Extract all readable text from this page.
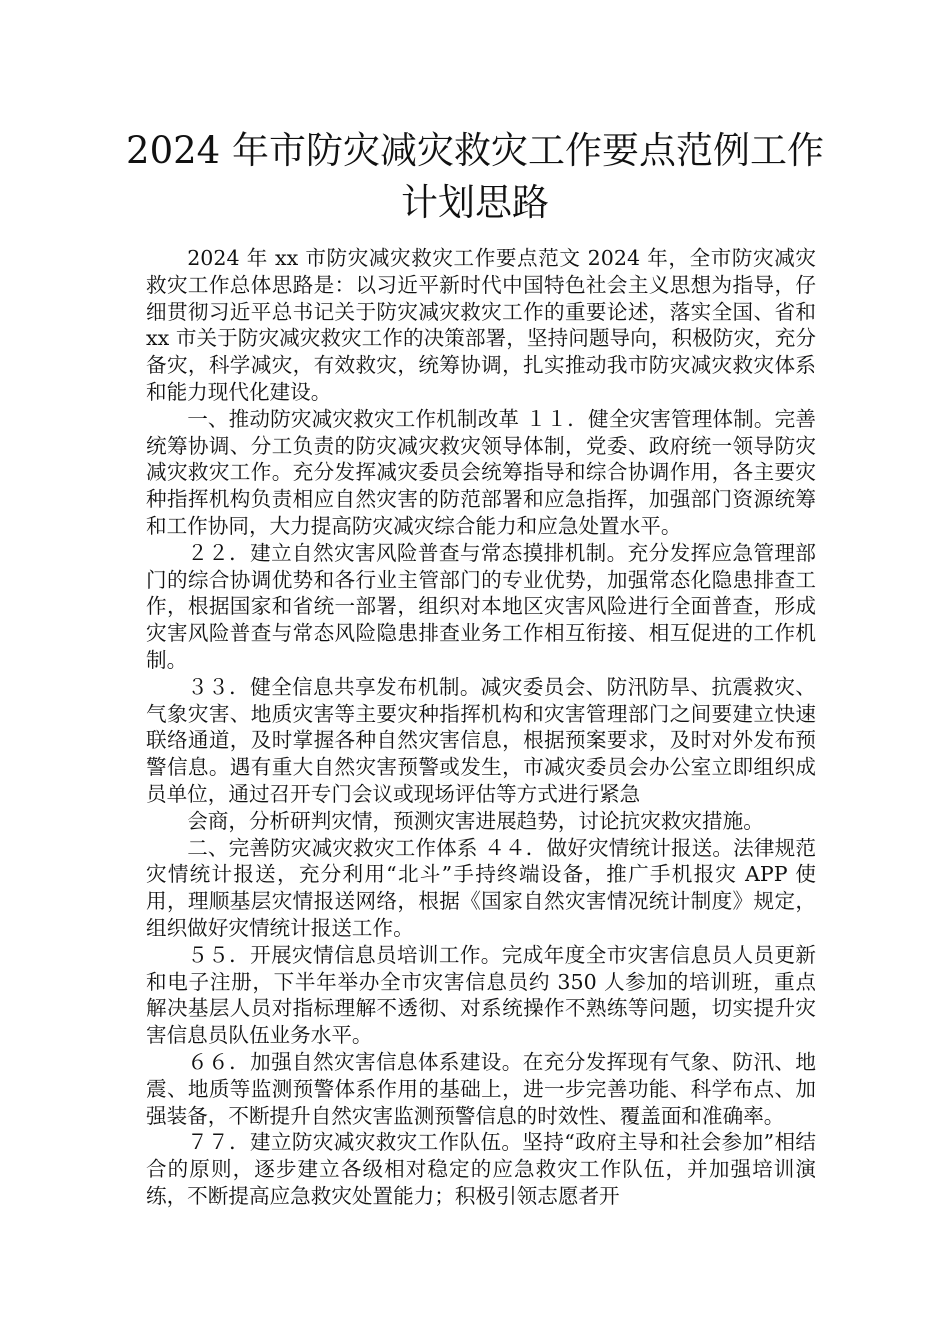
2024 年市防灾减灾救灾工作要点范例工作
计划思路

2024 年 xx 市防灾减灾救灾工作要点范文 2024 年，全市防灾减灾救灾工作总体思路是：以习近平新时代中国特色社会主义思想为指导，仔细贯彻习近平总书记关于防灾减灾救灾工作的重要论述，落实全国、省和 xx 市关于防灾减灾救灾工作的决策部署，坚持问题导向，积极防灾，充分备灾，科学减灾，有效救灾，统筹协调，扎实推动我市防灾减灾救灾体系和能力现代化建设。

一、推动防灾减灾救灾工作机制改革 １１．健全灾害管理体制。完善统筹协调、分工负责的防灾减灾救灾领导体制，党委、政府统一领导防灾减灾救灾工作。充分发挥减灾委员会统筹指导和综合协调作用，各主要灾种指挥机构负责相应自然灾害的防范部署和应急指挥，加强部门资源统筹和工作协同，大力提高防灾减灾综合能力和应急处置水平。

２２．建立自然灾害风险普查与常态摸排机制。充分发挥应急管理部门的综合协调优势和各行业主管部门的专业优势，加强常态化隐患排查工作，根据国家和省统一部署，组织对本地区灾害风险进行全面普查，形成灾害风险普查与常态风险隐患排查业务工作相互衔接、相互促进的工作机制。

３３．健全信息共享发布机制。减灾委员会、防汛防旱、抗震救灾、气象灾害、地质灾害等主要灾种指挥机构和灾害管理部门之间要建立快速联络通道，及时掌握各种自然灾害信息，根据预案要求，及时对外发布预警信息。遇有重大自然灾害预警或发生，市减灾委员会办公室立即组织成员单位，通过召开专门会议或现场评估等方式进行紧急

会商，分析研判灾情，预测灾害进展趋势，讨论抗灾救灾措施。

二、完善防灾减灾救灾工作体系 ４４．做好灾情统计报送。法律规范灾情统计报送，充分利用“北斗”手持终端设备，推广手机报灾 APP 使用，理顺基层灾情报送网络，根据《国家自然灾害情况统计制度》规定，组织做好灾情统计报送工作。

５５．开展灾情信息员培训工作。完成年度全市灾害信息员人员更新和电子注册，下半年举办全市灾害信息员约 350 人参加的培训班，重点解决基层人员对指标理解不透彻、对系统操作不熟练等问题，切实提升灾害信息员队伍业务水平。

６６．加强自然灾害信息体系建设。在充分发挥现有气象、防汛、地震、地质等监测预警体系作用的基础上，进一步完善功能、科学布点、加强装备，不断提升自然灾害监测预警信息的时效性、覆盖面和准确率。

７７．建立防灾减灾救灾工作队伍。坚持“政府主导和社会参加”相结合的原则，逐步建立各级相对稳定的应急救灾工作队伍，并加强培训演练，不断提高应急救灾处置能力；积极引领志愿者开
